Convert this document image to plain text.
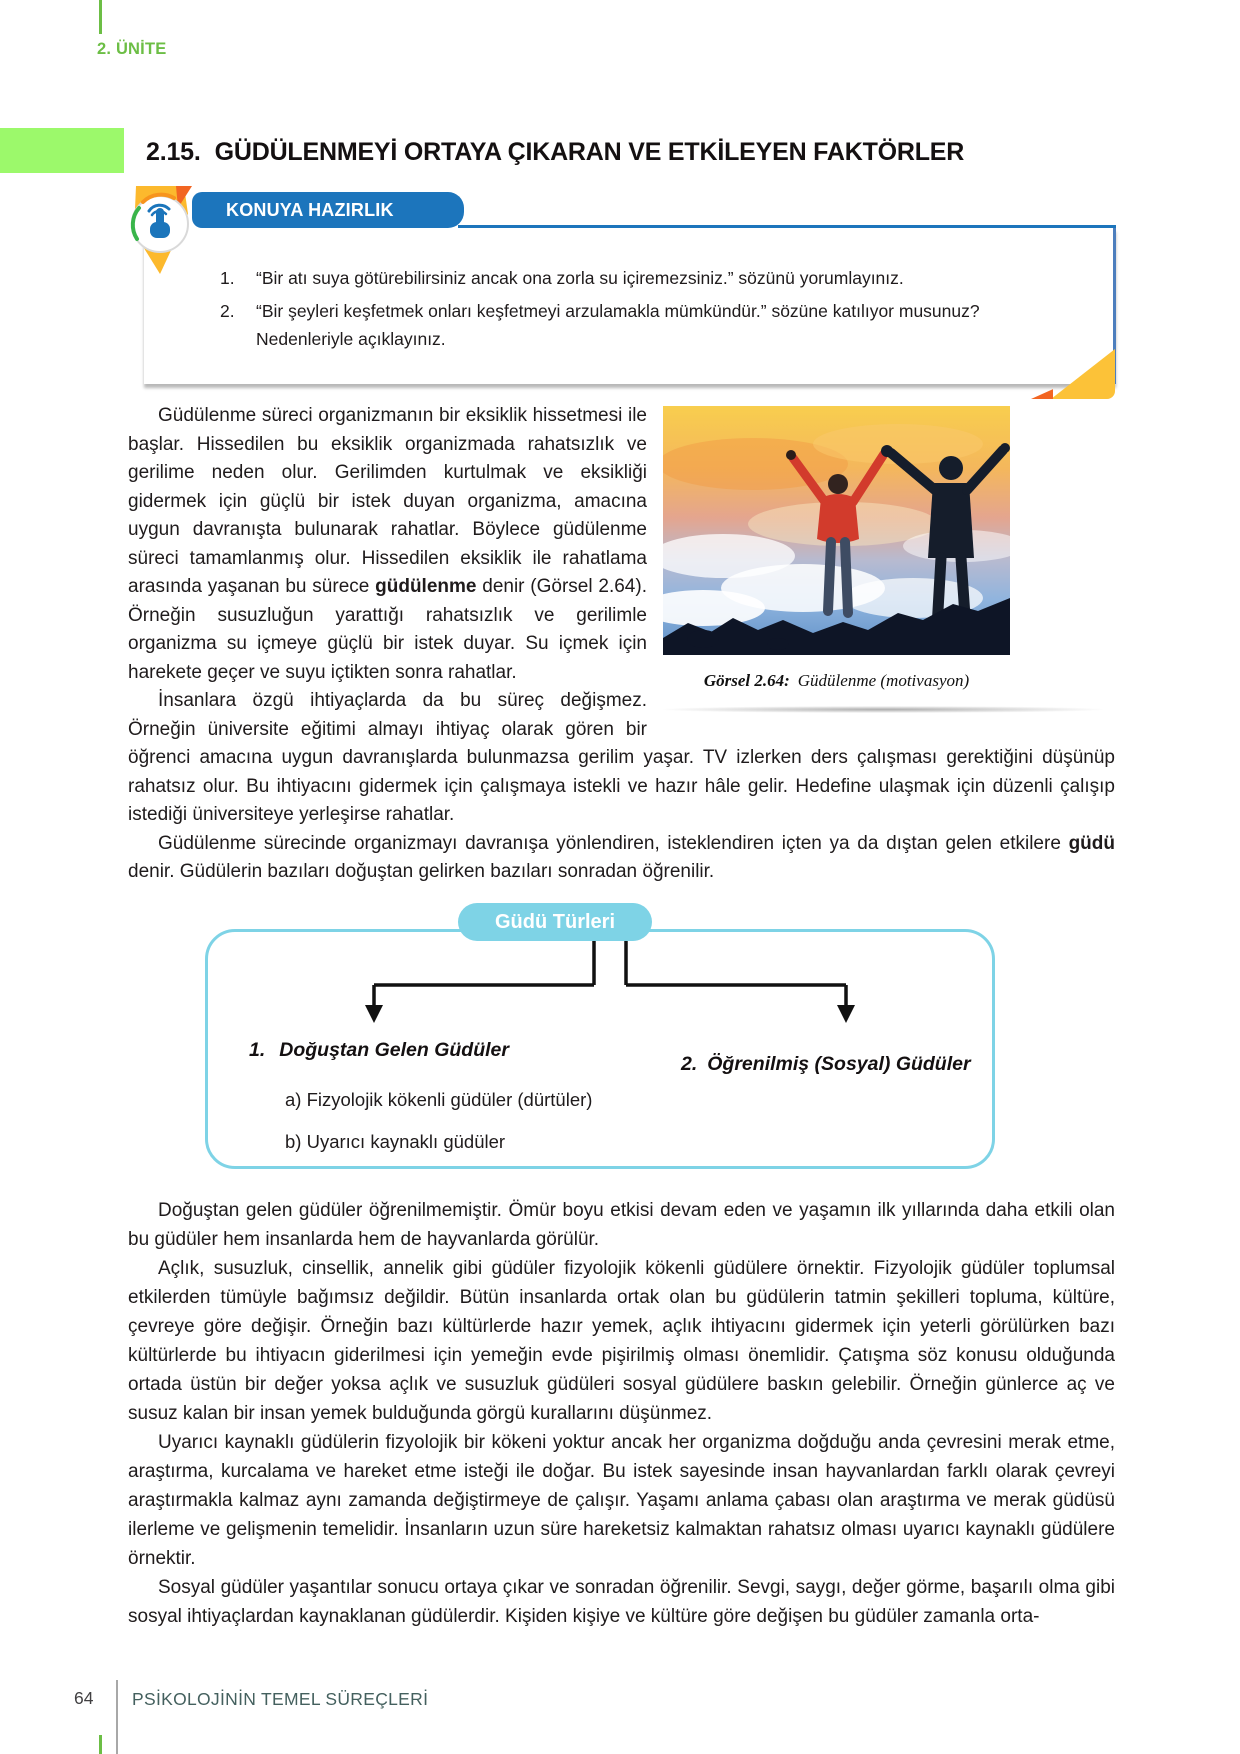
2. ÜNİTE
2.15. GÜDÜLENMEYİ ORTAYA ÇIKARAN VE ETKİLEYEN FAKTÖRLER
KONUYA HAZIRLIK
1.	“Bir atı suya götürebilirsiniz ancak ona zorla su içiremezsiniz.” sözünü yorumlayınız.
2.	“Bir şeyleri keşfetmek onları keşfetmeyi arzulamakla mümkündür.” sözüne katılıyor musunuz? Nedenleriyle açıklayınız.
Görsel 2.64: Güdülenme (motivasyon)

Güdülenme süreci organizmanın bir eksiklik hissetmesi ile başlar. Hissedilen bu eksiklik organizmada rahatsızlık ve gerilime neden olur. Gerilimden kurtulmak ve eksikliği gidermek için güçlü bir istek duyan organizma, amacına uygun davranışta bulunarak rahatlar. Böylece güdülenme süreci tamamlanmış olur. Hissedilen eksiklik ile rahatlama arasında yaşanan bu sürece güdülenme denir (Görsel 2.64). Örneğin susuzluğun yarattığı rahatsızlık ve gerilimle organizma su içmeye güçlü bir istek duyar. Su içmek için harekete geçer ve suyu içtikten sonra rahatlar.

İnsanlara özgü ihtiyaçlarda da bu süreç değişmez. Örneğin üniversite eğitimi almayı ihtiyaç olarak gören bir öğrenci amacına uygun davranışlarda bulunmazsa gerilim yaşar. TV izlerken ders çalışması gerektiğini düşünüp rahatsız olur. Bu ihtiyacını gidermek için çalışmaya istekli ve hazır hâle gelir. Hedefine ulaşmak için düzenli çalışıp istediği üniversiteye yerleşirse rahatlar.

Güdülenme sürecinde organizmayı davranışa yönlendiren, isteklendiren içten ya da dıştan gelen etkilere güdü denir. Güdülerin bazıları doğuştan gelirken bazıları sonradan öğrenilir.

Güdü Türleri
1. Doğuştan Gelen Güdüler
2. Öğrenilmiş (Sosyal) Güdüler
a) Fizyolojik kökenli güdüler (dürtüler)
b) Uyarıcı kaynaklı güdüler

Doğuştan gelen güdüler öğrenilmemiştir. Ömür boyu etkisi devam eden ve yaşamın ilk yıllarında daha etkili olan bu güdüler hem insanlarda hem de hayvanlarda görülür.

Açlık, susuzluk, cinsellik, annelik gibi güdüler fizyolojik kökenli güdülere örnektir. Fizyolojik güdüler toplumsal etkilerden tümüyle bağımsız değildir. Bütün insanlarda ortak olan bu güdülerin tatmin şekilleri topluma, kültüre, çevreye göre değişir. Örneğin bazı kültürlerde hazır yemek, açlık ihtiyacını gidermek için yeterli görülürken bazı kültürlerde bu ihtiyacın giderilmesi için yemeğin evde pişirilmiş olması önemlidir. Çatışma söz konusu olduğunda ortada üstün bir değer yoksa açlık ve susuzluk güdüleri sosyal güdülere baskın gelebilir. Örneğin günlerce aç ve susuz kalan bir insan yemek bulduğunda görgü kurallarını düşünmez.

Uyarıcı kaynaklı güdülerin fizyolojik bir kökeni yoktur ancak her organizma doğduğu anda çevresini merak etme, araştırma, kurcalama ve hareket etme isteği ile doğar. Bu istek sayesinde insan hayvanlardan farklı olarak çevreyi araştırmakla kalmaz aynı zamanda değiştirmeye de çalışır. Yaşamı anlama çabası olan araştırma ve merak güdüsü ilerleme ve gelişmenin temelidir. İnsanların uzun süre hareketsiz kalmaktan rahatsız olması uyarıcı kaynaklı güdülere örnektir.

Sosyal güdüler yaşantılar sonucu ortaya çıkar ve sonradan öğrenilir. Sevgi, saygı, değer görme, başarılı olma gibi sosyal ihtiyaçlardan kaynaklanan güdülerdir. Kişiden kişiye ve kültüre göre değişen bu güdüler zamanla orta-

64 PSİKOLOJİNİN TEMEL SÜREÇLERİ
